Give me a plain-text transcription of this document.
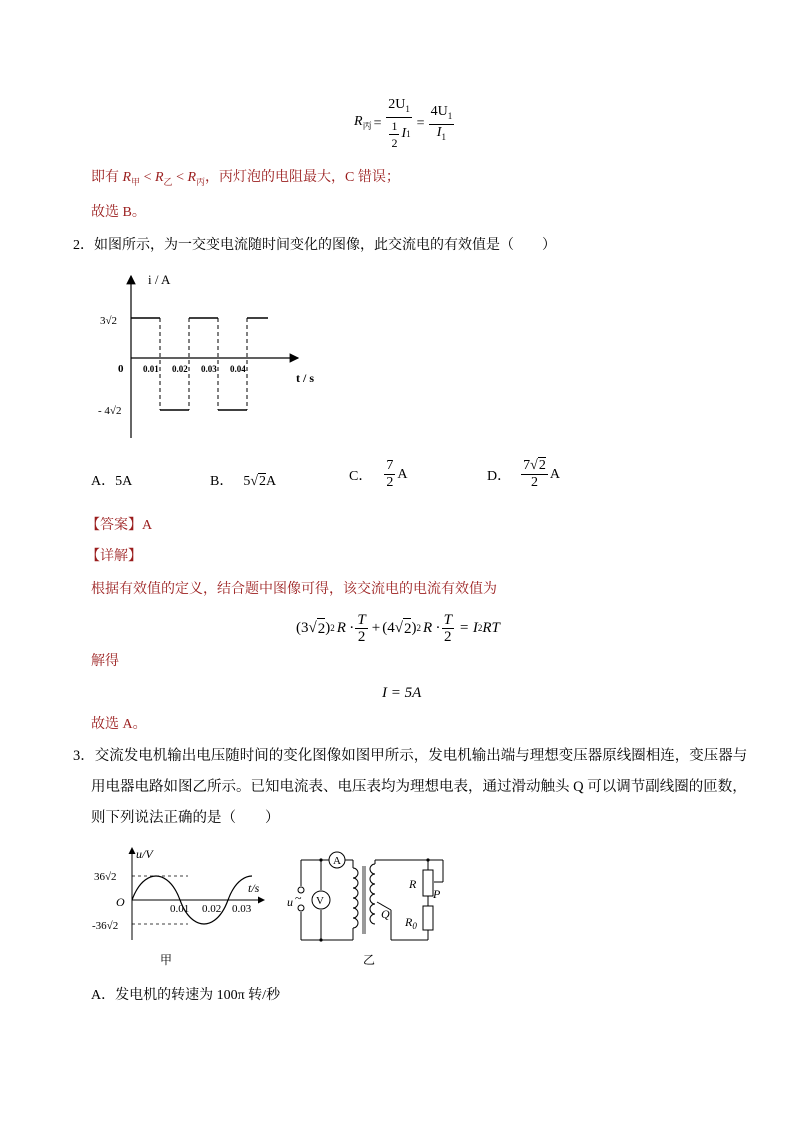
$R_丙 = \frac{2U_1}{\frac{1}{2} I 1} = \frac{4U_1}{I_1}$
即有 $R_甲 < R_乙 < R_丙$，丙灯泡的电阻最大，C 错误；
故选 B。
2．如图所示，为一交变电流随时间变化的图像，此交流电的有效值是（　　）
i / A
t / s
0
3√2
- 4√2
0.01 0.02 0.03 0.04
A．5A	B． 5√2A	C． $\frac{7}{2}$ A	D． $\frac{7√2}{2}$ A
【答案】A
【详解】
根据有效值的定义，结合题中图像可得，该交流电的电流有效值为
(3 √ 2 ) 2 $R \cdot \frac{T}{2} + (4$ √ 2 ) 2 $R \cdot \frac{T}{2} = I$ 2 RT
解得
I = 5A
故选 A。
3．交流发电机输出电压随时间的变化图像如图甲所示，发电机输出端与理想变压器原线圈相连，变压器与
用电器电路如图乙所示。已知电流表、电压表均为理想电表，通过滑动触头 Q 可以调节副线圈的匝数，
则下列说法正确的是（　　）
u/V
t/s
O
36√2
-36√2
0.01 0.02 0.03
甲
u ~ V
A
Q
R
P
$R_0$
乙
A．发电机的转速为 100π 转/秒
